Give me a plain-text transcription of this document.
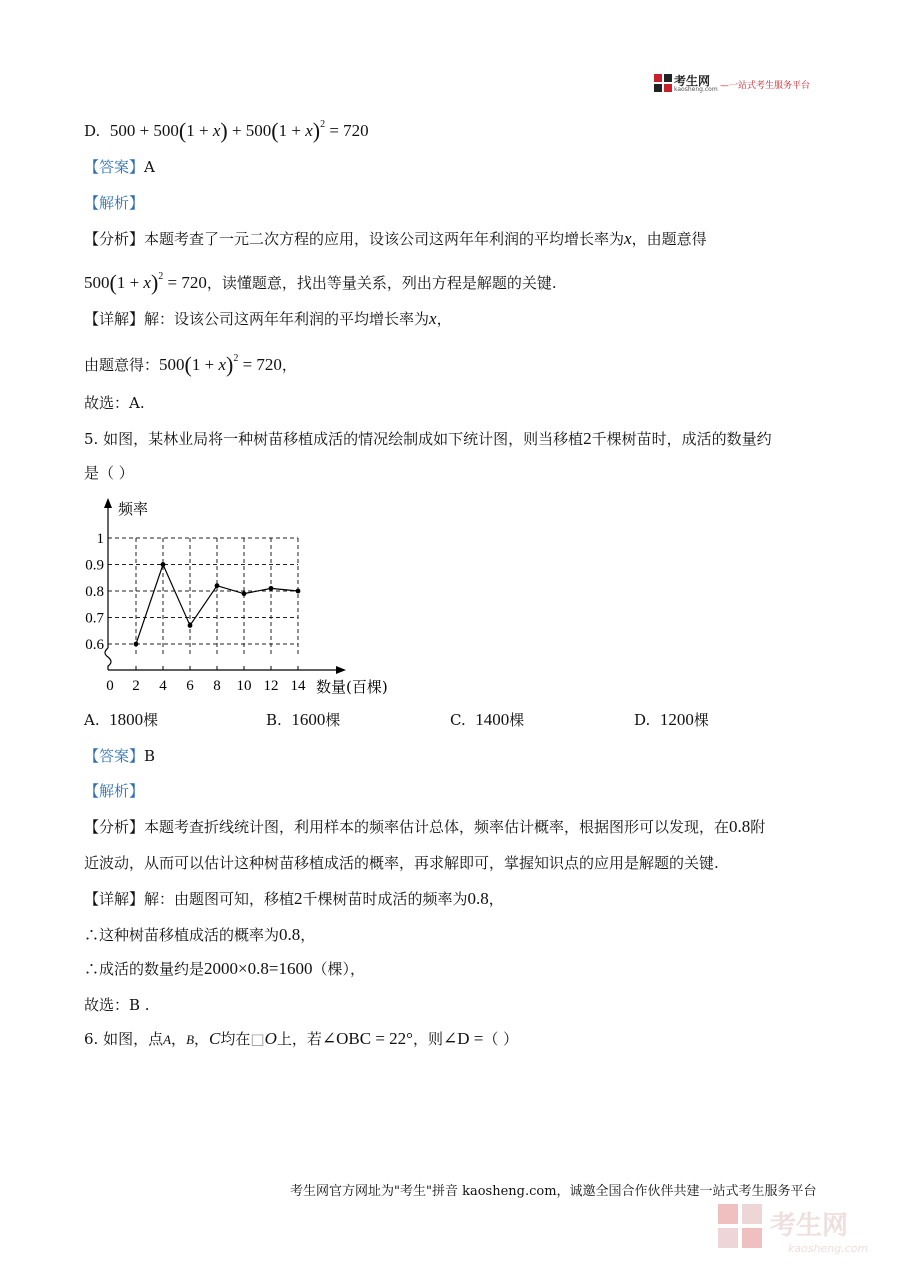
考生网
kaosheng.com —一站式考生服务平台
D. $500 + 500(1 + x) + 500(1 + x)^2 = 720$
【答案】A
【解析】
【分析】本题考查了一元二次方程的应用，设该公司这两年年利润的平均增长率为x，由题意得
$500(1 + x)^2 = 720$，读懂题意，找出等量关系，列出方程是解题的关键.
【详解】解：设该公司这两年年利润的平均增长率为x，
由题意得：$500(1 + x)^2 = 720$，
故选：A.
5. 如图，某林业局将一种树苗移植成活的情况绘制成如下统计图，则当移植2千棵树苗时，成活的数量约
是（ ）
0.6
0.7
0.8
0.9
1
0 2 4 6 8 10 12 14
频率
数量(百棵)
A. 1800棵	B. 1600棵	C. 1400棵	D. 1200棵
【答案】B
【解析】
【分析】本题考查折线统计图，利用样本的频率估计总体，频率估计概率，根据图形可以发现，在0.8附
近波动，从而可以估计这种树苗移植成活的概率，再求解即可，掌握知识点的应用是解题的关键.
【详解】解：由题图可知，移植2千棵树苗时成活的频率为0.8，
∴这种树苗移植成活的概率为0.8，
∴成活的数量约是2000×0.8=1600（棵），
故选：B .
6. 如图，点A，B，C均在□O上，若∠OBC = 22°，则∠D =（ ）
考生网官方网址为"考生"拼音 kaosheng.com，诚邀全国合作伙伴共建一站式考生服务平台
考生网
kaosheng.com
